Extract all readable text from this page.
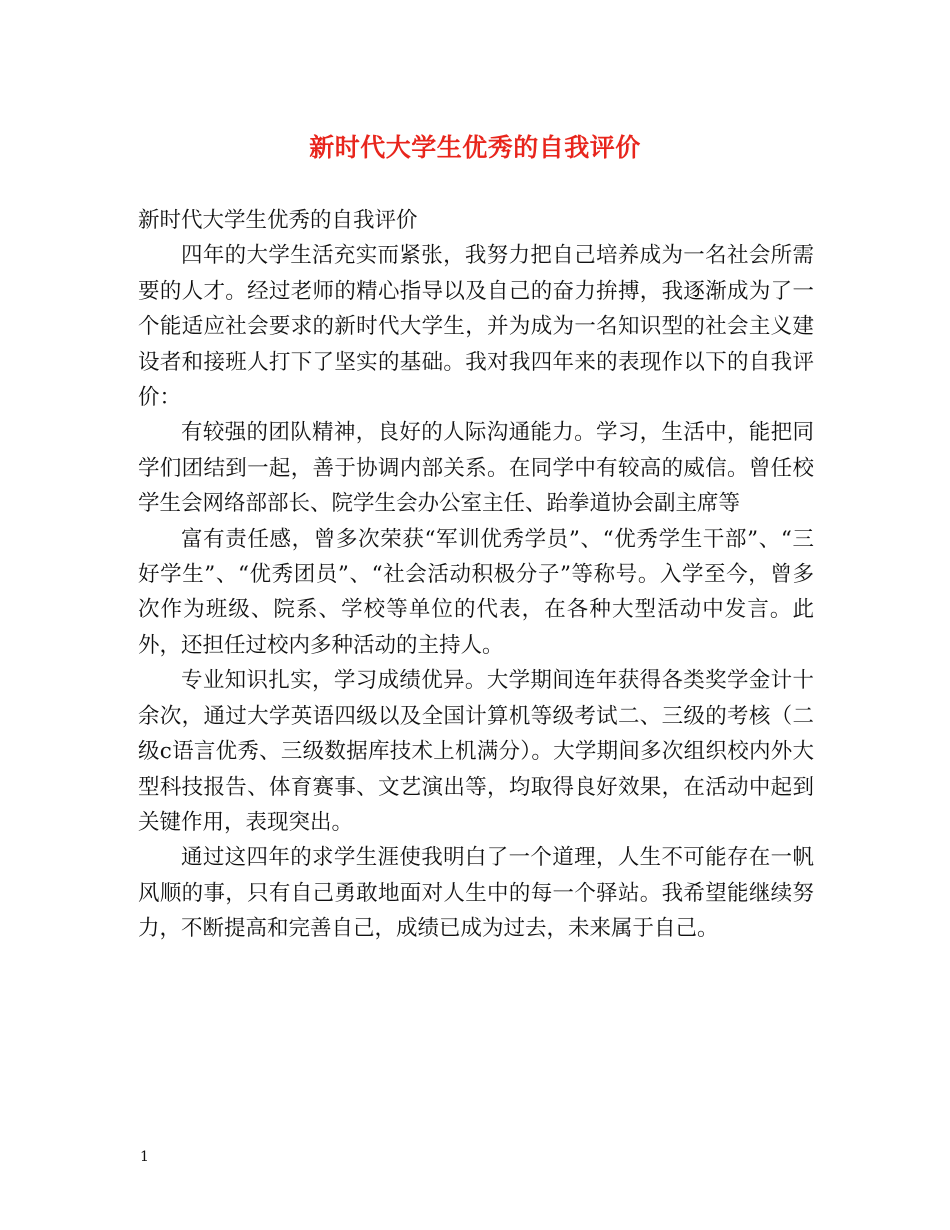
新时代大学生优秀的自我评价

新时代大学生优秀的自我评价

四年的大学生活充实而紧张，我努力把自己培养成为一名社会所需要的人才。经过老师的精心指导以及自己的奋力拚搏，我逐渐成为了一个能适应社会要求的新时代大学生，并为成为一名知识型的社会主义建设者和接班人打下了坚实的基础。我对我四年来的表现作以下的自我评价：

有较强的团队精神，良好的人际沟通能力。学习，生活中，能把同学们团结到一起，善于协调内部关系。在同学中有较高的威信。曾任校学生会网络部部长、院学生会办公室主任、跆拳道协会副主席等

富有责任感，曾多次荣获“军训优秀学员”、“优秀学生干部”、“三好学生”、“优秀团员”、“社会活动积极分子”等称号。入学至今，曾多次作为班级、院系、学校等单位的代表，在各种大型活动中发言。此外，还担任过校内多种活动的主持人。

专业知识扎实，学习成绩优异。大学期间连年获得各类奖学金计十余次，通过大学英语四级以及全国计算机等级考试二、三级的考核（二级c语言优秀、三级数据库技术上机满分）。大学期间多次组织校内外大型科技报告、体育赛事、文艺演出等，均取得良好效果，在活动中起到关键作用，表现突出。

通过这四年的求学生涯使我明白了一个道理，人生不可能存在一帆风顺的事，只有自己勇敢地面对人生中的每一个驿站。我希望能继续努力，不断提高和完善自己，成绩已成为过去，未来属于自己。

1
